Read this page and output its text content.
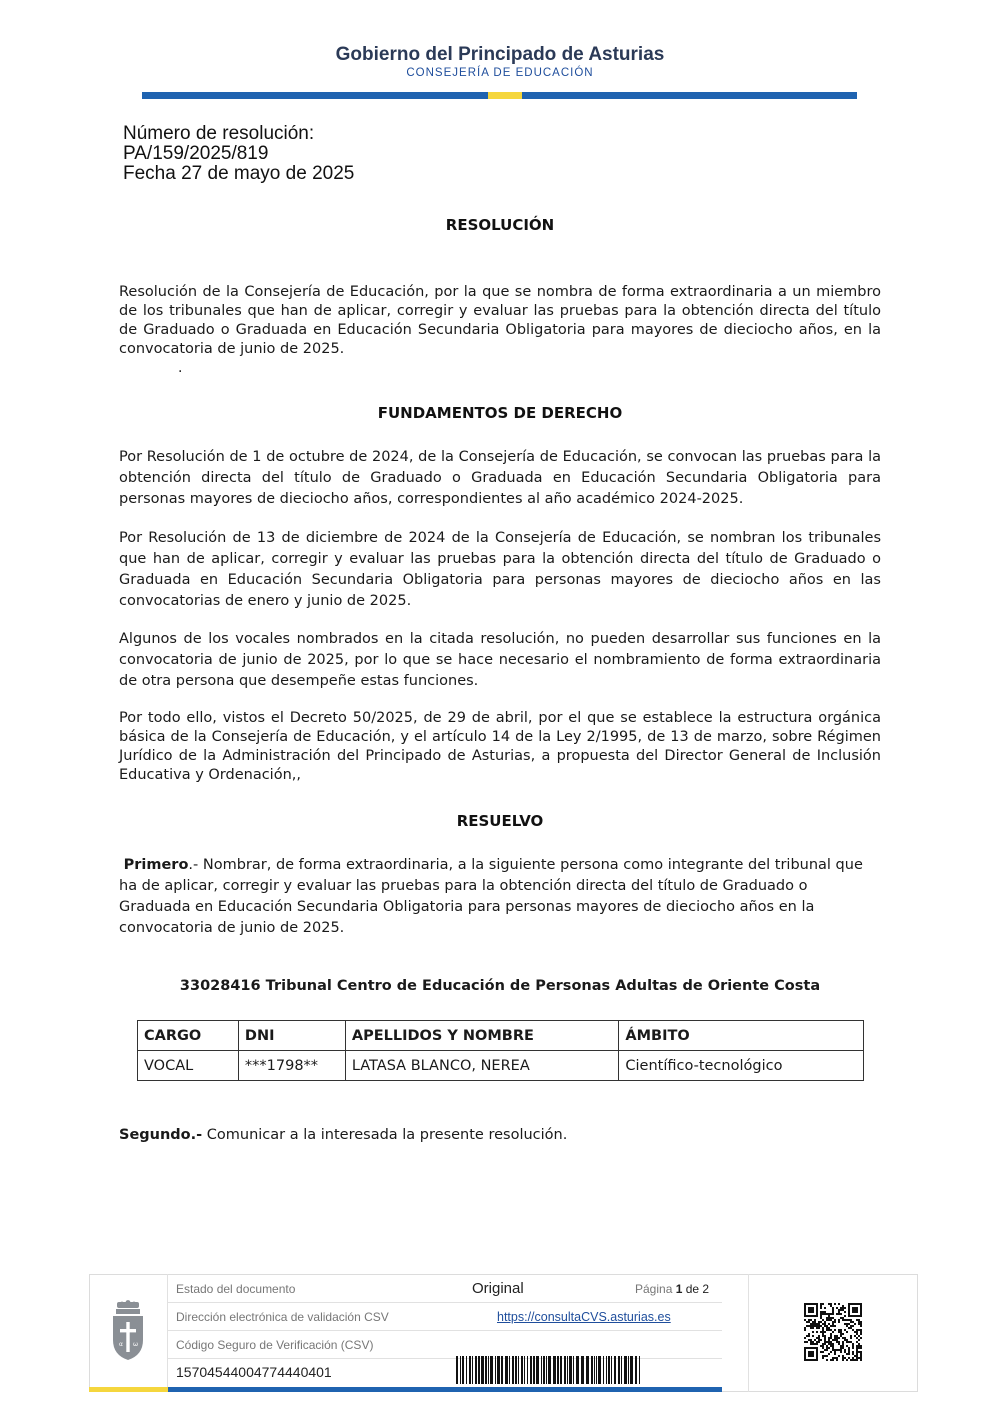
Gobierno del Principado de Asturias
CONSEJERÍA DE EDUCACIÓN
Número de resolución:
PA/159/2025/819
Fecha 27 de mayo de 2025
RESOLUCIÓN
Resolución de la Consejería de Educación, por la que se nombra de forma extraordinaria a un miembro de los tribunales que han de aplicar, corregir y evaluar las pruebas para la obtención directa del título de Graduado o Graduada en Educación Secundaria Obligatoria para mayores de dieciocho años, en la convocatoria de junio de 2025.
.
FUNDAMENTOS DE DERECHO
Por Resolución de 1 de octubre de 2024, de la Consejería de Educación, se convocan las pruebas para la obtención directa del título de Graduado o Graduada en Educación Secundaria Obligatoria para personas mayores de dieciocho años, correspondientes al año académico 2024-2025.
Por Resolución de 13 de diciembre de 2024 de la Consejería de Educación, se nombran los tribunales que han de aplicar, corregir y evaluar las pruebas para la obtención directa del título de Graduado o Graduada en Educación Secundaria Obligatoria para personas mayores de dieciocho años en las convocatorias de enero y junio de 2025.
Algunos de los vocales nombrados en la citada resolución, no pueden desarrollar sus funciones en la convocatoria de junio de 2025, por lo que se hace necesario el nombramiento de forma extraordinaria de otra persona que desempeñe estas funciones.
Por todo ello, vistos el Decreto 50/2025, de 29 de abril, por el que se establece la estructura orgánica básica de la Consejería de Educación, y el artículo 14 de la Ley 2/1995, de 13 de marzo, sobre Régimen Jurídico de la Administración del Principado de Asturias, a propuesta del Director General de Inclusión Educativa y Ordenación,,
RESUELVO
Primero.- Nombrar, de forma extraordinaria, a la siguiente persona como integrante del tribunal que ha de aplicar, corregir y evaluar las pruebas para la obtención directa del título de Graduado o Graduada en Educación Secundaria Obligatoria para personas mayores de dieciocho años en la convocatoria de junio de 2025.
33028416 Tribunal Centro de Educación de Personas Adultas de Oriente Costa
CARGO	DNI	APELLIDOS Y NOMBRE	ÁMBITO
VOCAL	***1798**	LATASA BLANCO, NEREA	Científico-tecnológico
Segundo.- Comunicar a la interesada la presente resolución.
α ω
Estado del documento	Original	Página 1 de 2
Dirección electrónica de validación CSV	https://consultaCVS.asturias.es
Código Seguro de Verificación (CSV)
15704544004774440401
